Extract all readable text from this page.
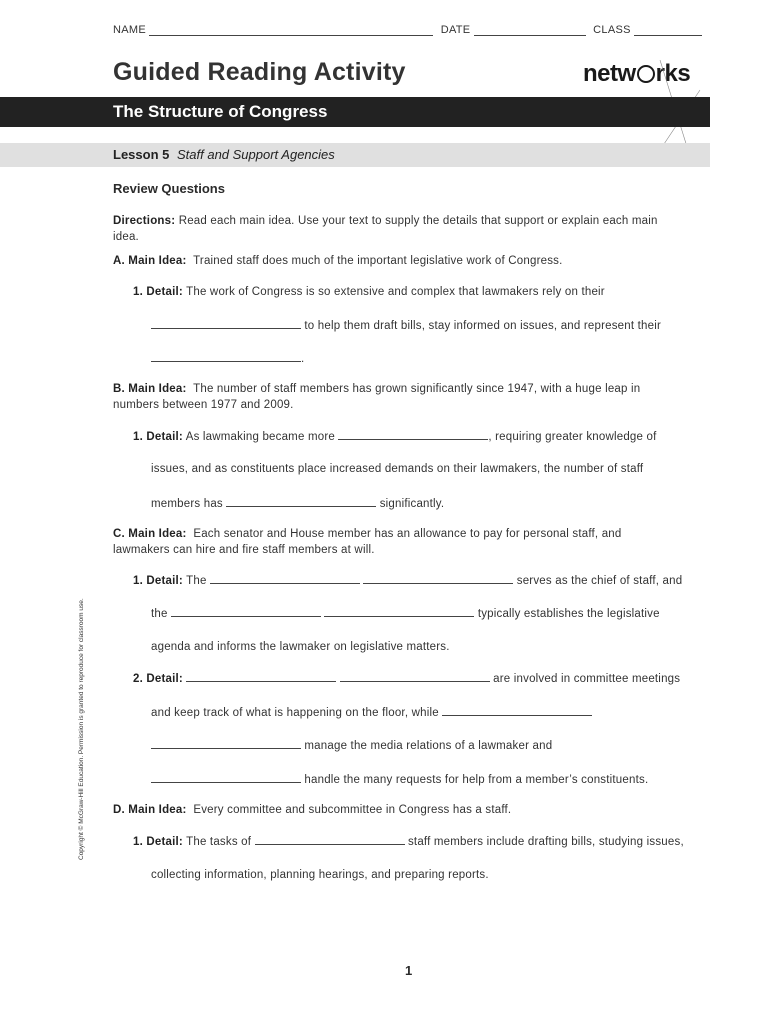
NAME	DATE	CLASS
Guided Reading Activity	netw rks
The Structure of Congress
Lesson 5 Staff and Support Agencies
Review Questions
Directions: Read each main idea. Use your text to supply the details that support or explain each main idea.
A. Main Idea: Trained staff does much of the important legislative work of Congress.
1. Detail: The work of Congress is so extensive and complex that lawmakers rely on their
to help them draft bills, stay informed on issues, and represent their
.
B. Main Idea: The number of staff members has grown significantly since 1947, with a huge leap in numbers between 1977 and 2009.
1. Detail: As lawmaking became more	, requiring greater knowledge of
issues, and as constituents place increased demands on their lawmakers, the number of staff
members has	significantly.
C. Main Idea: Each senator and House member has an allowance to pay for personal staff, and lawmakers can hire and fire staff members at will.
1. Detail: The	serves as the chief of staff, and
the	typically establishes the legislative
agenda and informs the lawmaker on legislative matters.
2. Detail:	are involved in committee meetings
and keep track of what is happening on the floor, while
manage the media relations of a lawmaker and
handle the many requests for help from a member’s constituents.
D. Main Idea: Every committee and subcommittee in Congress has a staff.
1. Detail: The tasks of	staff members include drafting bills, studying issues,
collecting information, planning hearings, and preparing reports.
Copyright © McGraw-Hill Education. Permission is granted to reproduce for classroom use.
1
